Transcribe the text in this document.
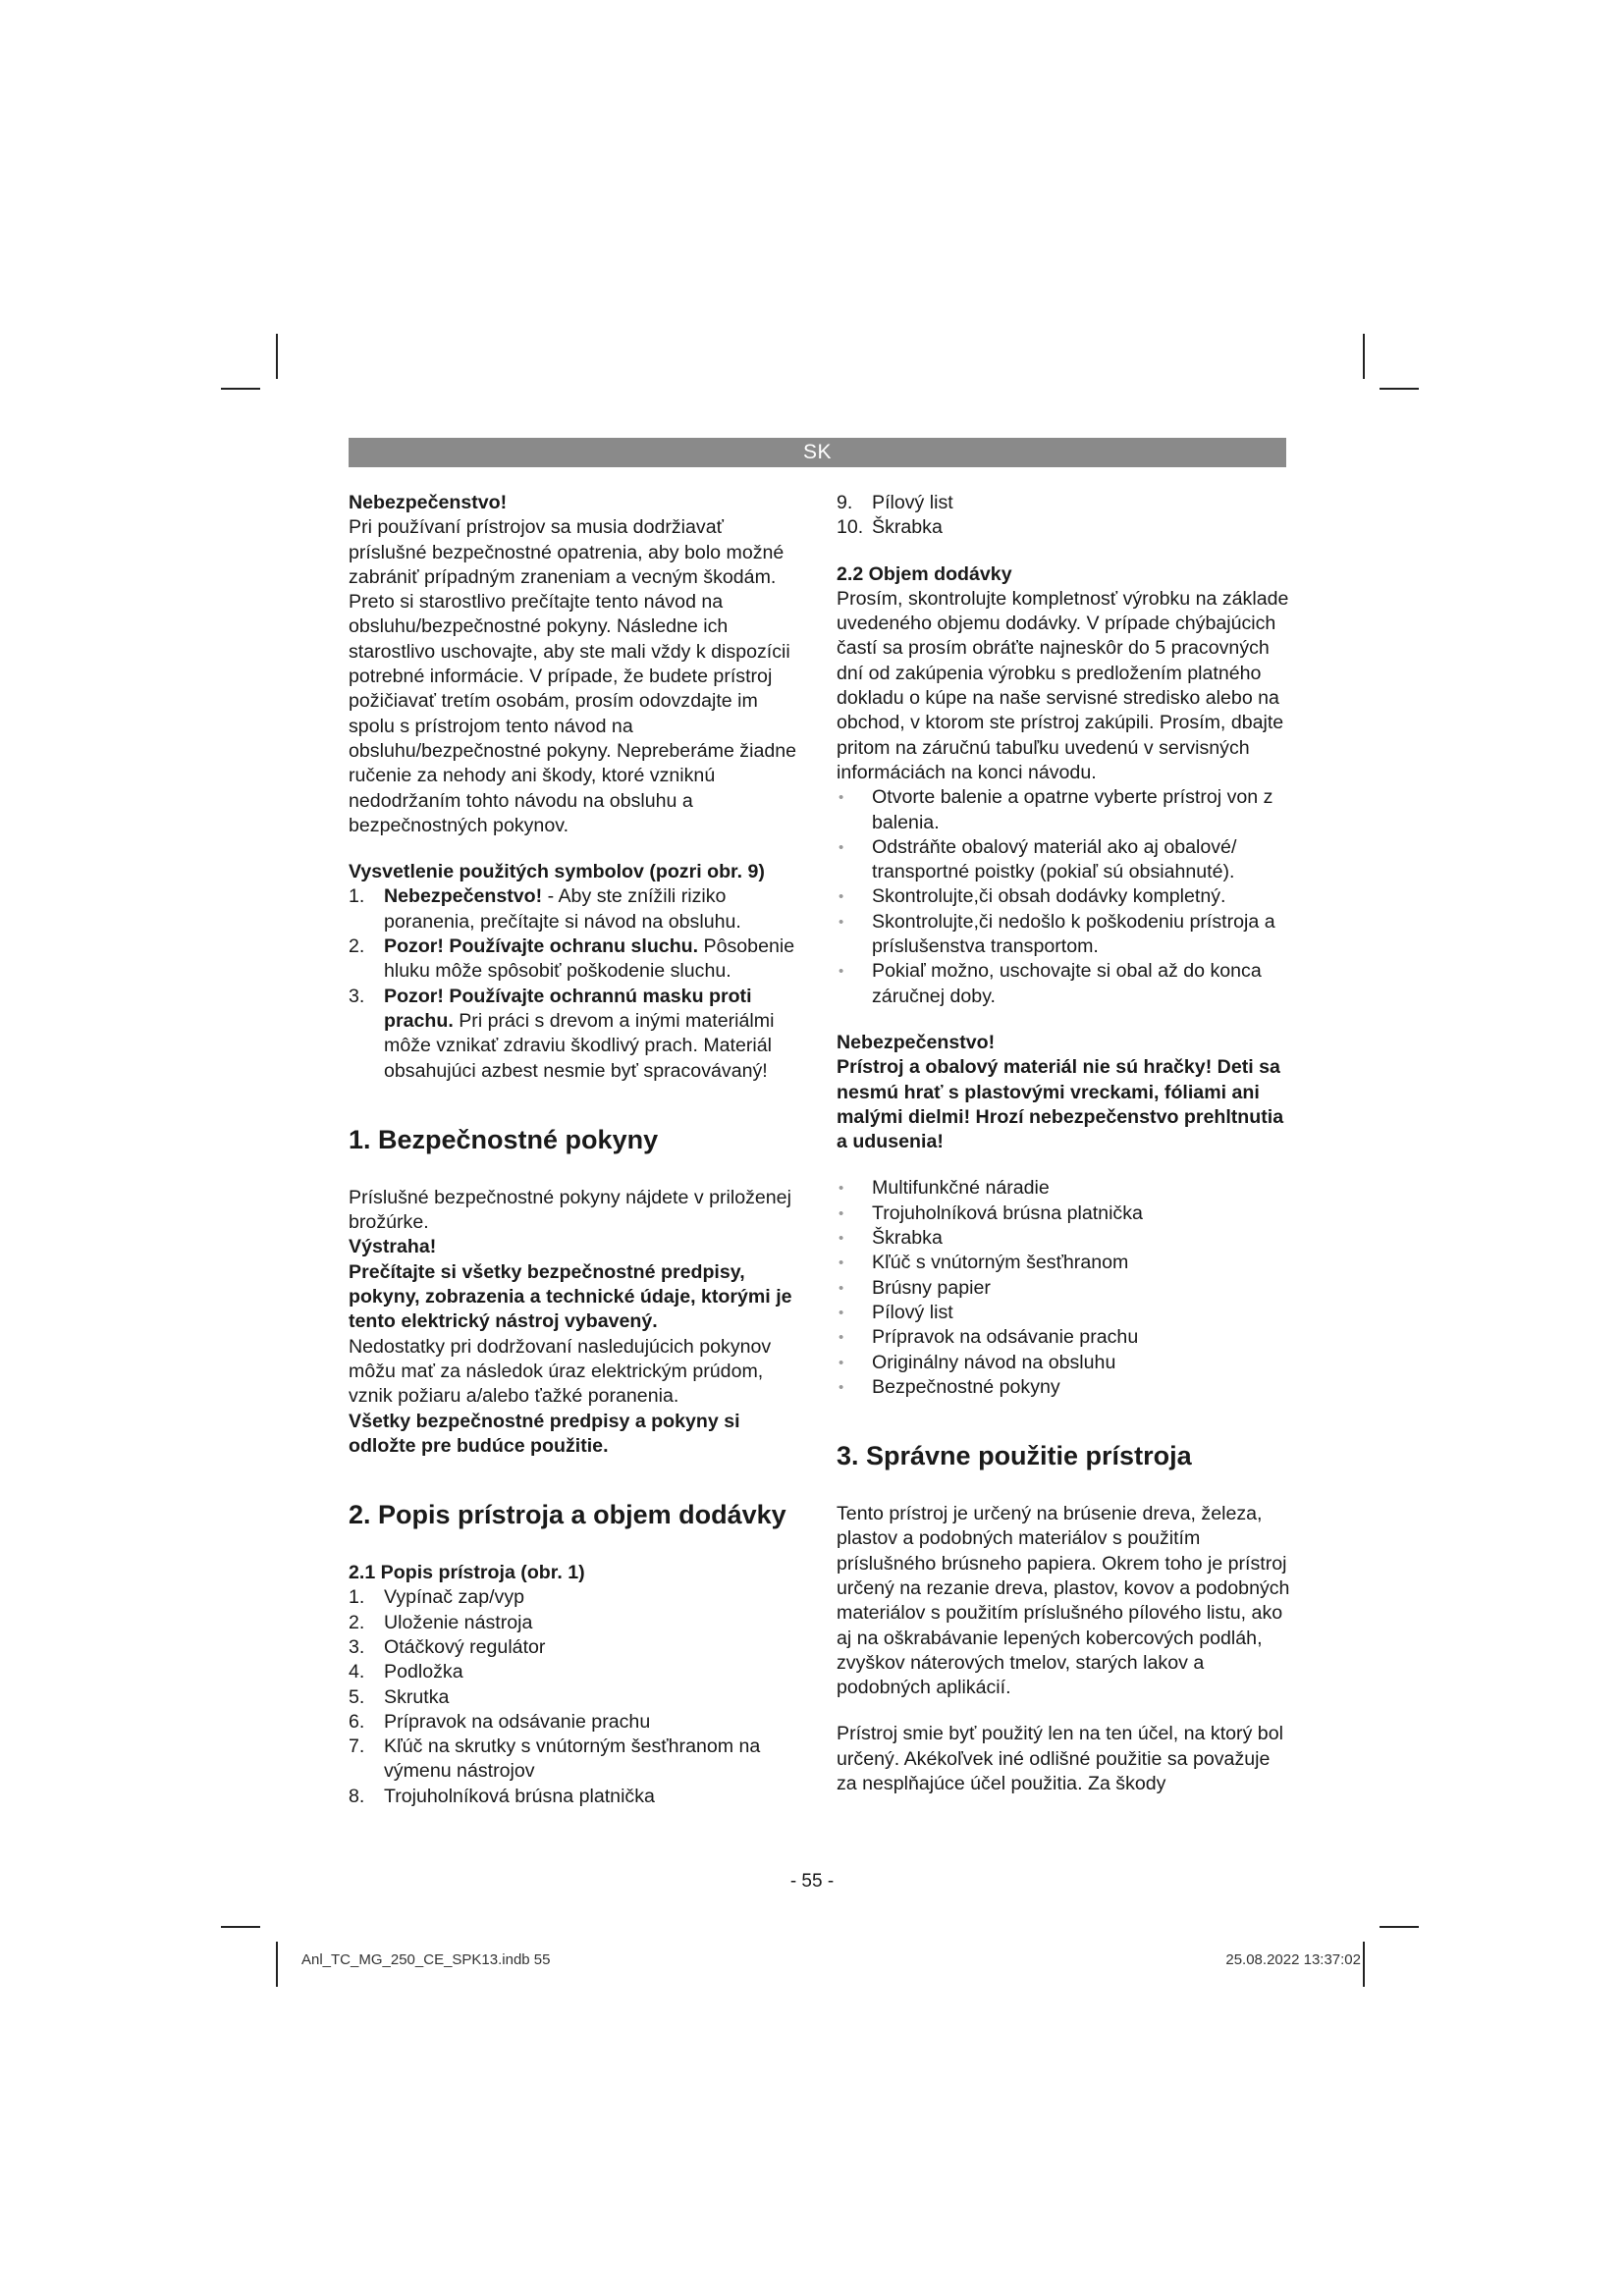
SK

Nebezpečenstvo!

Pri používaní prístrojov sa musia dodržiavať príslušné bezpečnostné opatrenia, aby bolo možné zabrániť prípadným zraneniam a vecným škodám. Preto si starostlivo prečítajte tento návod na obsluhu/bezpečnostné pokyny. Následne ich starostlivo uschovajte, aby ste mali vždy k dispozícii potrebné informácie. V prípade, že budete prístroj požičiavať tretím osobám, prosím odovzdajte im spolu s prístrojom tento návod na obsluhu/bezpečnostné pokyny. Nepreberáme žiadne ručenie za nehody ani škody, ktoré vzniknú nedodržaním tohto návodu na obsluhu a bezpečnostných pokynov.

Vysvetlenie použitých symbolov (pozri obr. 9)
1. Nebezpečenstvo! - Aby ste znížili riziko poranenia, prečítajte si návod na obsluhu.
2. Pozor! Používajte ochranu sluchu. Pôsobenie hluku môže spôsobiť poškodenie sluchu.
3. Pozor! Používajte ochrannú masku proti prachu. Pri práci s drevom a inými materiálmi môže vznikať zdraviu škodlivý prach. Materiál obsahujúci azbest nesmie byť spracovávaný!
1. Bezpečnostné pokyny

Príslušné bezpečnostné pokyny nájdete v priloženej brožúrke.

Výstraha!

Prečítajte si všetky bezpečnostné predpisy, pokyny, zobrazenia a technické údaje, ktorými je tento elektrický nástroj vybavený.

Nedostatky pri dodržovaní nasledujúcich pokynov môžu mať za následok úraz elektrickým prúdom, vznik požiaru a/alebo ťažké poranenia.

Všetky bezpečnostné predpisy a pokyny si odložte pre budúce použitie.

2. Popis prístroja a objem dodávky
2.1 Popis prístroja (obr. 1)
1. Vypínač zap/vyp
2. Uloženie nástroja
3. Otáčkový regulátor
4. Podložka
5. Skrutka
6. Prípravok na odsávanie prachu
7. Kľúč na skrutky s vnútorným šesťhranom na výmenu nástrojov
8. Trojuholníková brúsna platnička
9. Pílový list
10. Škrabka
2.2 Objem dodávky

Prosím, skontrolujte kompletnosť výrobku na základe uvedeného objemu dodávky. V prípade chýbajúcich častí sa prosím obráťte najneskôr do 5 pracovných dní od zakúpenia výrobku s predložením platného dokladu o kúpe na naše servisné stredisko alebo na obchod, v ktorom ste prístroj zakúpili. Prosím, dbajte pritom na záručnú tabuľku uvedenú v servisných informáciách na konci návodu.

• Otvorte balenie a opatrne vyberte prístroj von z balenia.
• Odstráňte obalový materiál ako aj obalové/ transportné poistky (pokiaľ sú obsiahnuté).
• Skontrolujte,či obsah dodávky kompletný.
• Skontrolujte,či nedošlo k poškodeniu prístroja a príslušenstva transportom.
• Pokiaľ možno, uschovajte si obal až do konca záručnej doby.

Nebezpečenstvo!

Prístroj a obalový materiál nie sú hračky! Deti sa nesmú hrať s plastovými vreckami, fóliami ani malými dielmi! Hrozí nebezpečenstvo prehltnutia a udusenia!

• Multifunkčné náradie
• Trojuholníková brúsna platnička
• Škrabka
• Kľúč s vnútorným šesťhranom
• Brúsny papier
• Pílový list
• Prípravok na odsávanie prachu
• Originálny návod na obsluhu
• Bezpečnostné pokyny
3. Správne použitie prístroja

Tento prístroj je určený na brúsenie dreva, železa, plastov a podobných materiálov s použitím príslušného brúsneho papiera. Okrem toho je prístroj určený na rezanie dreva, plastov, kovov a podobných materiálov s použitím príslušného pílového listu, ako aj na oškrabávanie lepených kobercových podláh, zvyškov náterových tmelov, starých lakov a podobných aplikácií.

Prístroj smie byť použitý len na ten účel, na ktorý bol určený. Akékoľvek iné odlišné použitie sa považuje za nesplňajúce účel použitia. Za škody

- 55 -
Anl_TC_MG_250_CE_SPK13.indb 55	25.08.2022 13:37:02
